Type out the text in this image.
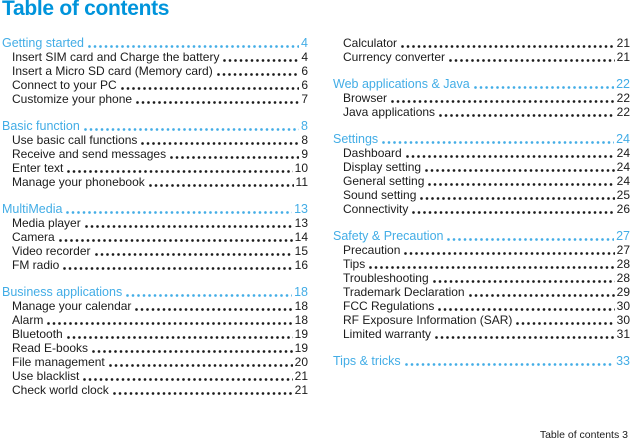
Table of contents
Getting started	4
Insert SIM card and Charge the battery	4
Insert a Micro SD card (Memory card)	6
Connect to your PC	6
Customize your phone	7
Basic function	8
Use basic call functions	8
Receive and send messages	9
Enter text	10
Manage your phonebook	11
MultiMedia	13
Media player	13
Camera	14
Video recorder	15
FM radio	16
Business applications	18
Manage your calendar	18
Alarm	18
Bluetooth	19
Read E-books	19
File management	20
Use blacklist	21
Check world clock	21
Calculator	21
Currency converter	21
Web applications & Java	22
Browser	22
Java applications	22
Settings	24
Dashboard	24
Display setting	24
General setting	24
Sound setting	25
Connectivity	26
Safety & Precaution	27
Precaution	27
Tips	28
Troubleshooting	28
Trademark Declaration	29
FCC Regulations	30
RF Exposure Information (SAR)	30
Limited warranty	31
Tips & tricks	33
Table of contents 3
